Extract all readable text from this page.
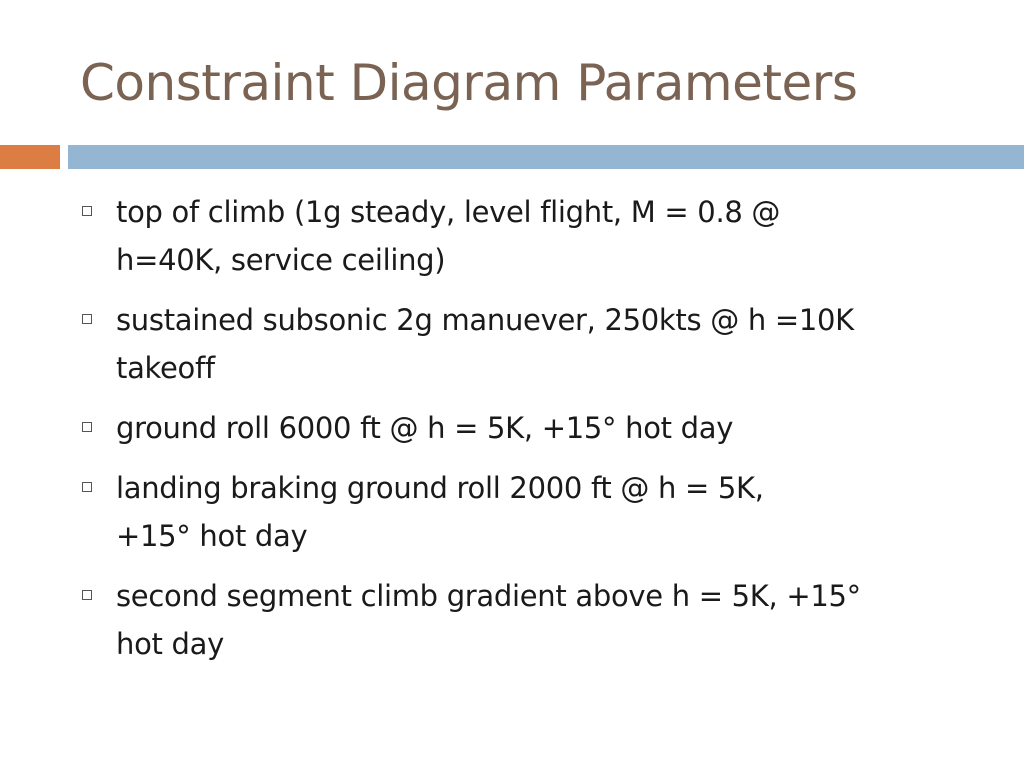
Constraint Diagram Parameters
top of climb (1g steady, level flight, M = 0.8 @
h=40K, service ceiling)
sustained subsonic 2g manuever, 250kts @ h =10K
takeoff
ground roll 6000 ft @ h = 5K, +15° hot day
landing braking ground roll 2000 ft @ h = 5K,
+15° hot day
second segment climb gradient above h = 5K, +15°
hot day
